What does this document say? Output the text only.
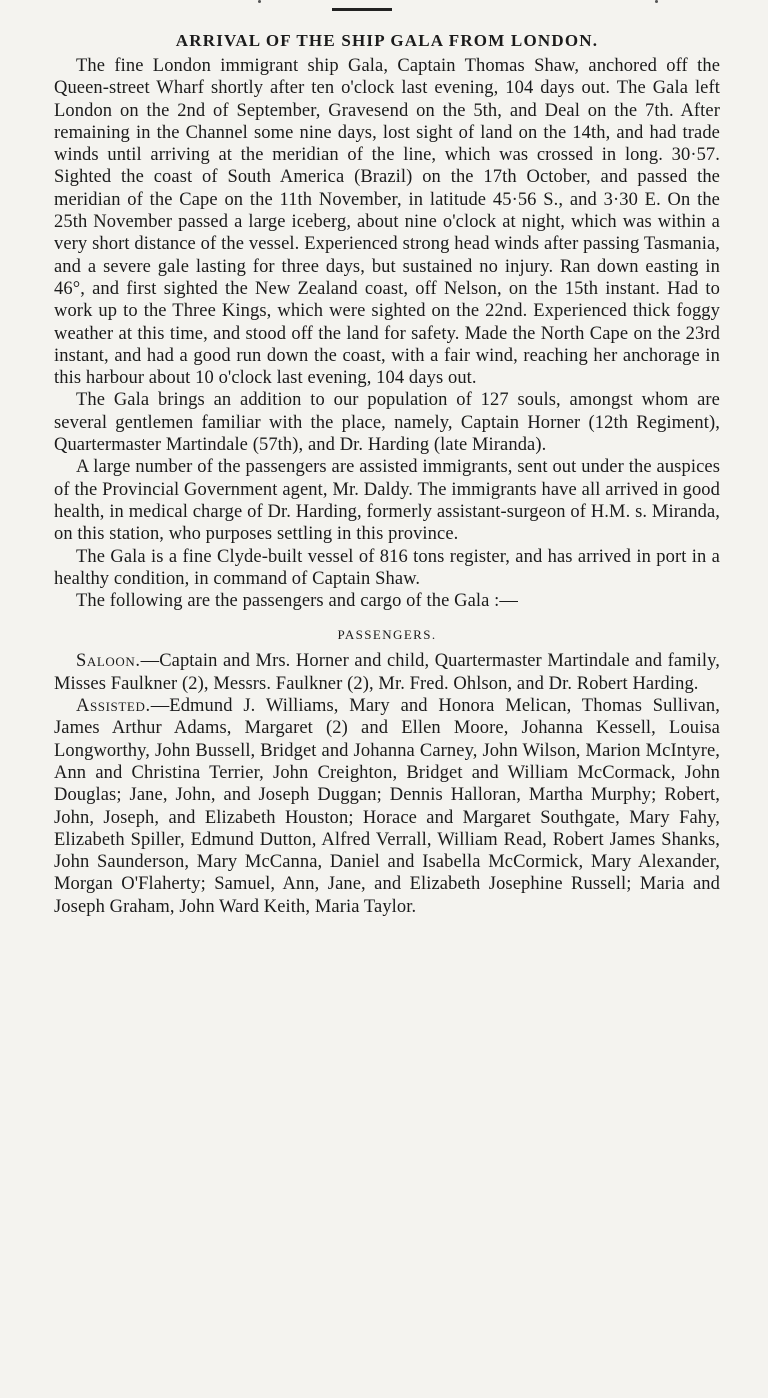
ARRIVAL OF THE SHIP GALA FROM LONDON.

The fine London immigrant ship Gala, Captain Thomas Shaw, anchored off the Queen-street Wharf shortly after ten o'clock last evening, 104 days out. The Gala left London on the 2nd of September, Gravesend on the 5th, and Deal on the 7th. After remaining in the Channel some nine days, lost sight of land on the 14th, and had trade winds until arriving at the meridian of the line, which was crossed in long. 30·57. Sighted the coast of South America (Brazil) on the 17th October, and passed the meridian of the Cape on the 11th November, in latitude 45·56 S., and 3·30 E. On the 25th November passed a large iceberg, about nine o'clock at night, which was within a very short distance of the vessel. Experienced strong head winds after passing Tasmania, and a severe gale lasting for three days, but sustained no injury. Ran down easting in 46°, and first sighted the New Zealand coast, off Nelson, on the 15th instant. Had to work up to the Three Kings, which were sighted on the 22nd. Experienced thick foggy weather at this time, and stood off the land for safety. Made the North Cape on the 23rd instant, and had a good run down the coast, with a fair wind, reaching her anchorage in this harbour about 10 o'clock last evening, 104 days out.

The Gala brings an addition to our population of 127 souls, amongst whom are several gentlemen familiar with the place, namely, Captain Horner (12th Regiment), Quartermaster Martindale (57th), and Dr. Harding (late Miranda).

A large number of the passengers are assisted immigrants, sent out under the auspices of the Provincial Government agent, Mr. Daldy. The immigrants have all arrived in good health, in medical charge of Dr. Harding, formerly assistant-surgeon of H.M. s. Miranda, on this station, who purposes settling in this province.

The Gala is a fine Clyde-built vessel of 816 tons register, and has arrived in port in a healthy condition, in command of Captain Shaw.

The following are the passengers and cargo of the Gala :—

PASSENGERS.

Saloon.—Captain and Mrs. Horner and child, Quartermaster Martindale and family, Misses Faulkner (2), Messrs. Faulkner (2), Mr. Fred. Ohlson, and Dr. Robert Harding.

Assisted.—Edmund J. Williams, Mary and Honora Melican, Thomas Sullivan, James Arthur Adams, Margaret (2) and Ellen Moore, Johanna Kessell, Louisa Longworthy, John Bussell, Bridget and Johanna Carney, John Wilson, Marion McIntyre, Ann and Christina Terrier, John Creighton, Bridget and William McCormack, John Douglas; Jane, John, and Joseph Duggan; Dennis Halloran, Martha Murphy; Robert, John, Joseph, and Elizabeth Houston; Horace and Margaret Southgate, Mary Fahy, Elizabeth Spiller, Edmund Dutton, Alfred Verrall, William Read, Robert James Shanks, John Saunderson, Mary McCanna, Daniel and Isabella McCormick, Mary Alexander, Morgan O'Flaherty; Samuel, Ann, Jane, and Elizabeth Josephine Russell; Maria and Joseph Graham, John Ward Keith, Maria Taylor.
